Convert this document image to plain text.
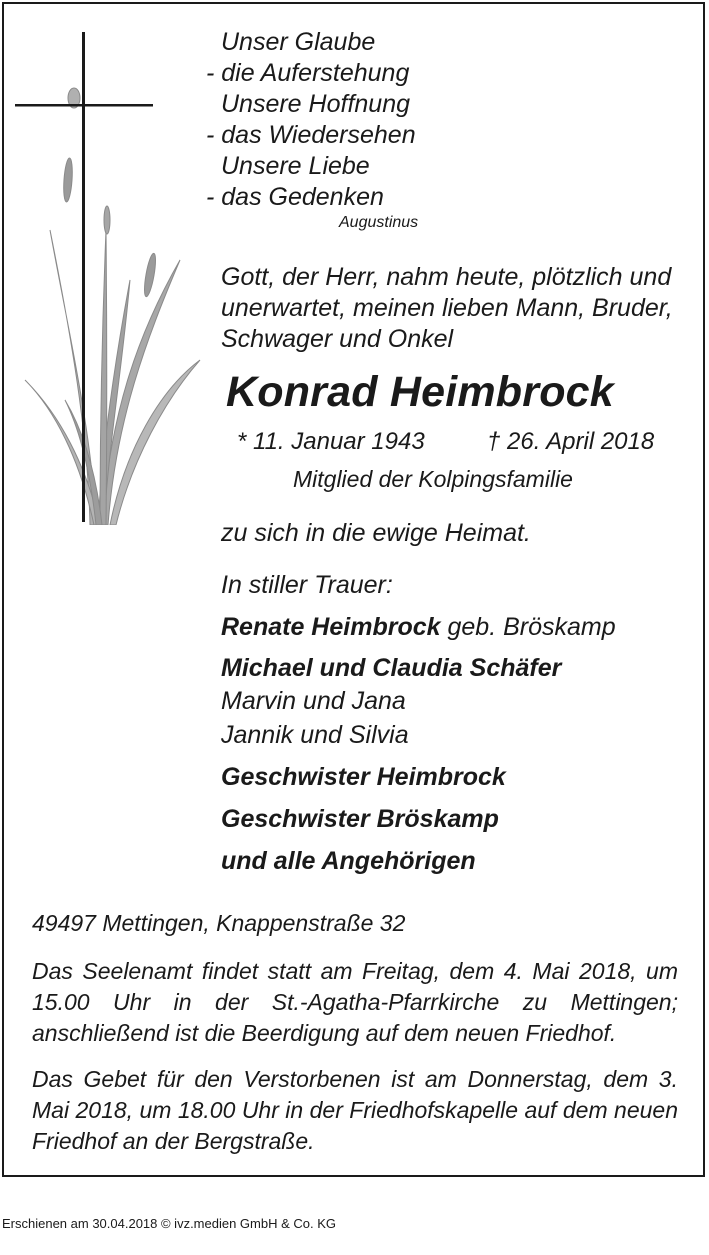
Unser Glaube
- die Auferstehung
Unsere Hoffnung
- das Wiedersehen
Unsere Liebe
- das Gedenken
Augustinus
Gott, der Herr, nahm heute, plötzlich und
unerwartet, meinen lieben Mann, Bruder,
Schwager und Onkel
Konrad Heimbrock
* 11. Januar 1943	† 26. April 2018
Mitglied der Kolpingsfamilie
zu sich in die ewige Heimat.
In stiller Trauer:
Renate Heimbrock geb. Bröskamp
Michael und Claudia Schäfer
Marvin und Jana
Jannik und Silvia
Geschwister Heimbrock
Geschwister Bröskamp
und alle Angehörigen
49497 Mettingen, Knappenstraße 32
Das Seelenamt findet statt am Freitag, dem 4. Mai 2018, um 15.00 Uhr in der St.-Agatha-Pfarrkirche zu Mettingen; anschließend ist die Beerdigung auf dem neuen Friedhof.
Das Gebet für den Verstorbenen ist am Donnerstag, dem 3. Mai 2018, um 18.00 Uhr in der Friedhofskapelle auf dem neuen Friedhof an der Bergstraße.
Erschienen am 30.04.2018 © ivz.medien GmbH & Co. KG
